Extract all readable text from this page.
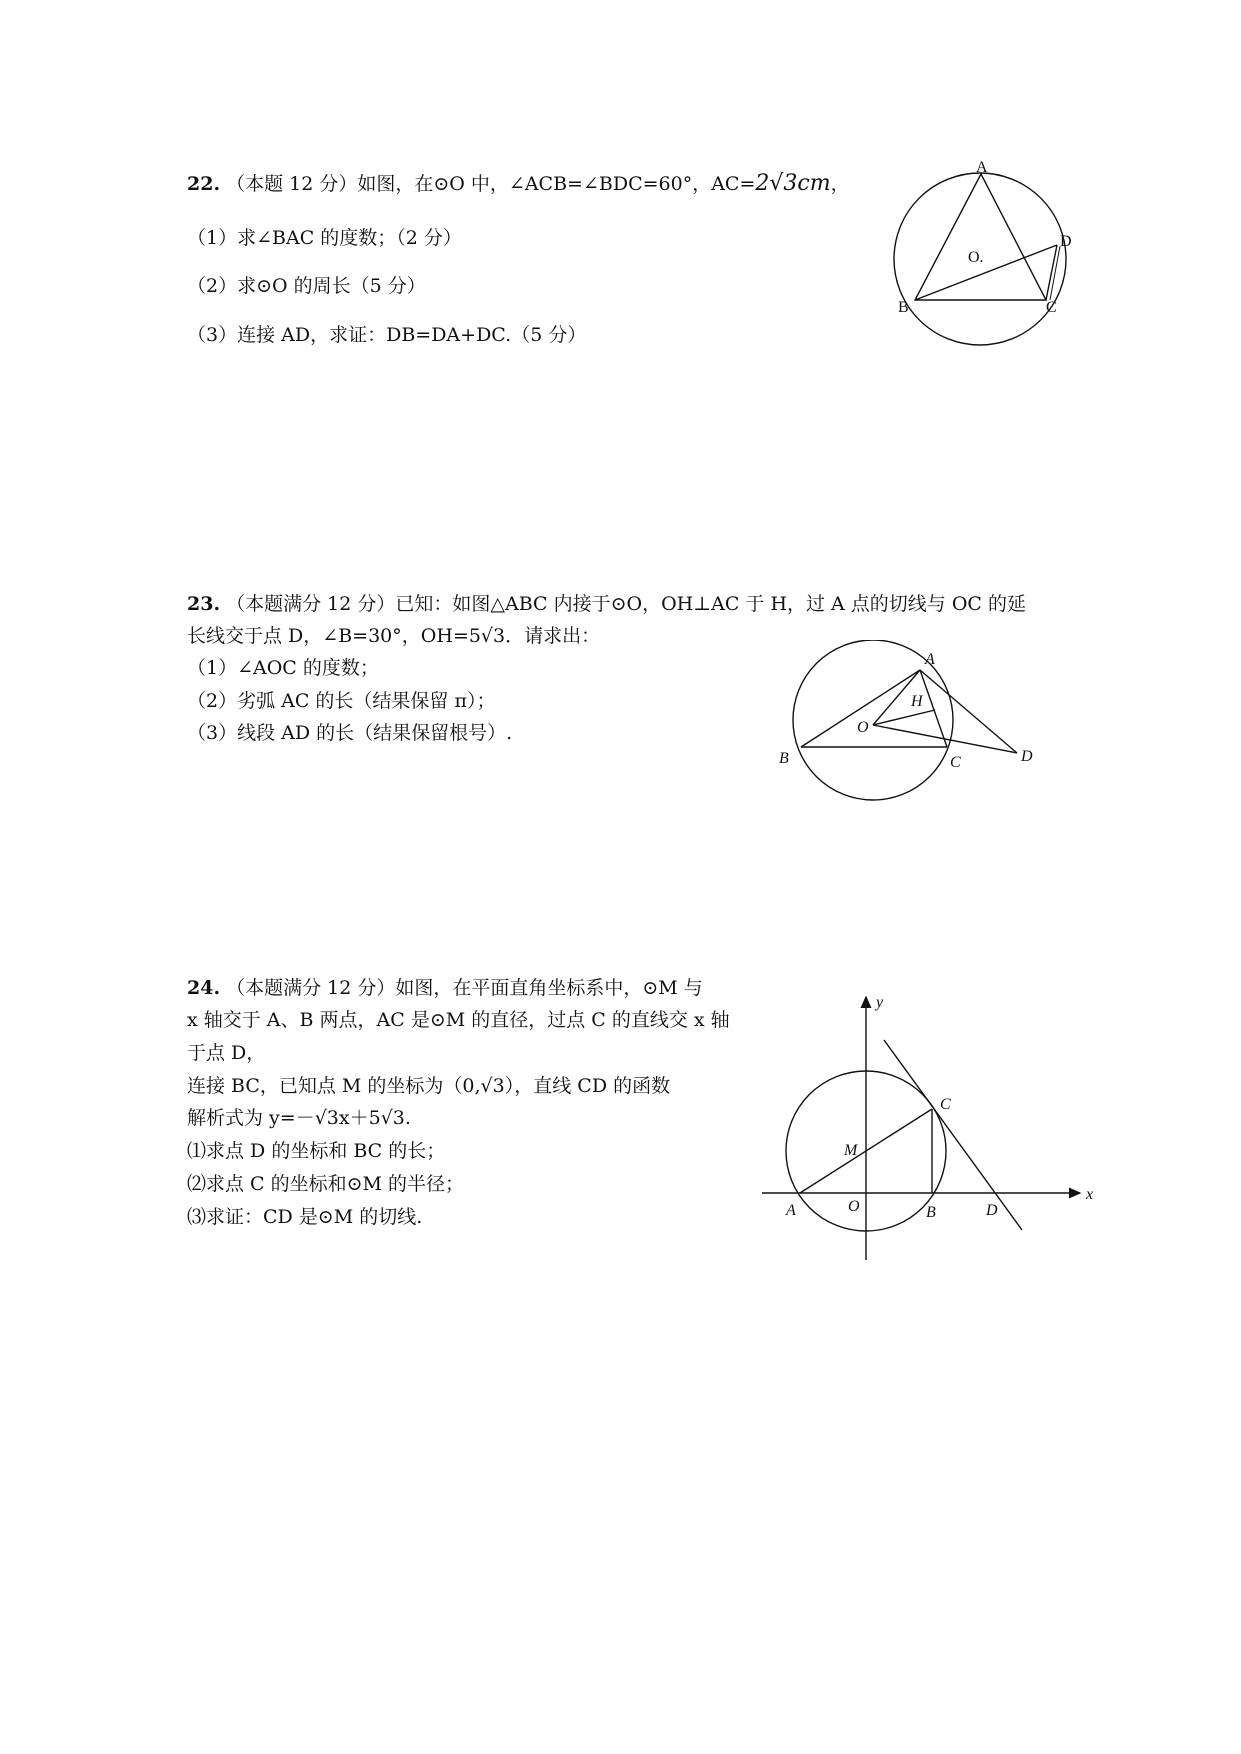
22. （本题 12 分）如图，在⊙O 中，∠ACB=∠BDC=60°，AC=2√3cm，
（1）求∠BAC 的度数；（2 分）
（2）求⊙O 的周长（5 分）
（3）连接 AD，求证：DB=DA+DC.（5 分）
A
D
O.
B	C
23. （本题满分 12 分）已知：如图△ABC 内接于⊙O，OH⊥AC 于 H，过 A 点的切线与 OC 的延
长线交于点 D，∠B=30°，OH=5√3．请求出：
（1）∠AOC 的度数；
（2）劣弧 AC 的长（结果保留 π）；
（3）线段 AD 的长（结果保留根号）.
A
H
O
B	C	D
24. （本题满分 12 分）如图，在平面直角坐标系中，⊙M 与
x 轴交于 A、B 两点，AC 是⊙M 的直径，过点 C 的直线交 x 轴
于点 D，
连接 BC，已知点 M 的坐标为（0,√3），直线 CD 的函数
解析式为 y=－√3x＋5√3.
⑴求点 D 的坐标和 BC 的长；
⑵求点 C 的坐标和⊙M 的半径；
⑶求证：CD 是⊙M 的切线.
y
x
C
M
A	O	B	D
